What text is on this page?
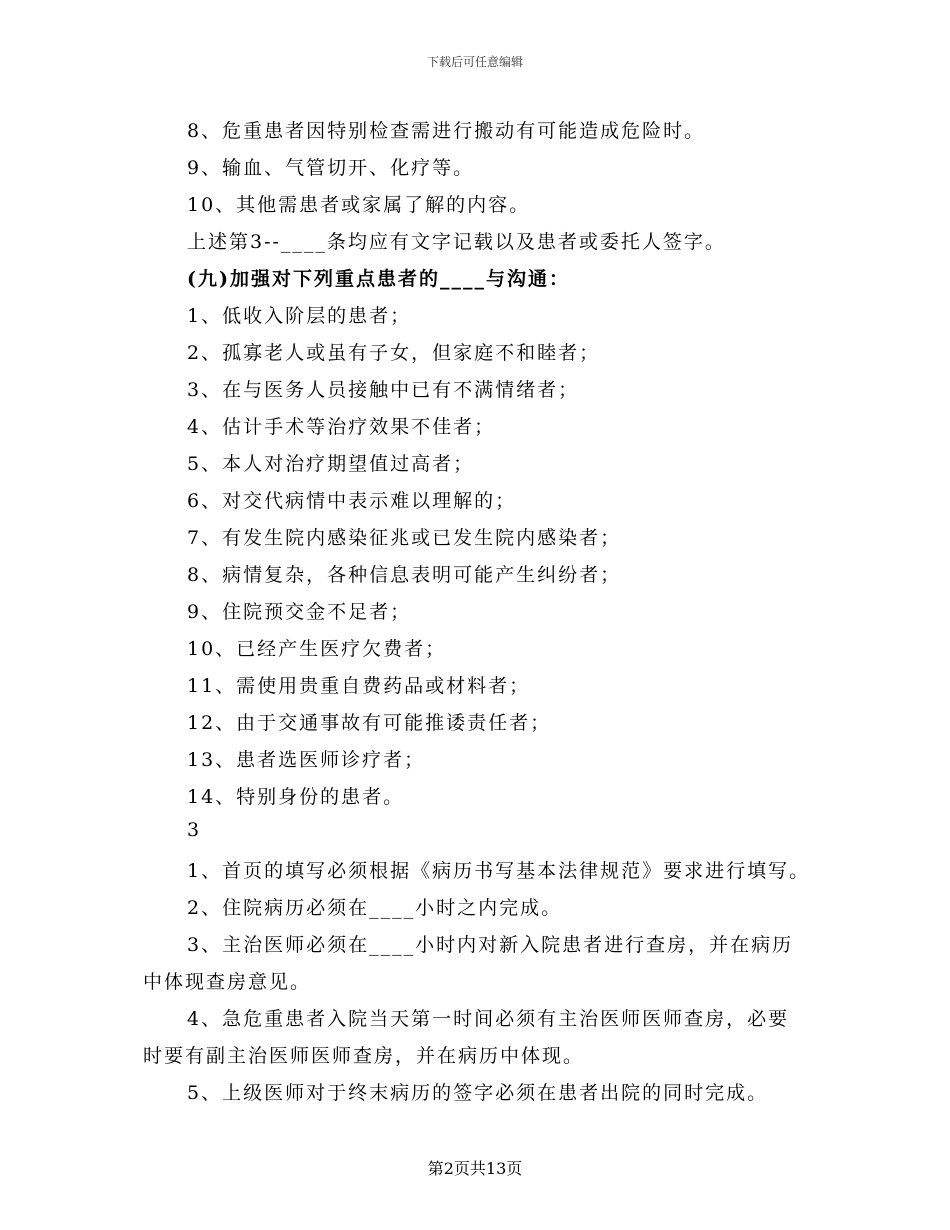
下载后可任意编辑
8、危重患者因特别检查需进行搬动有可能造成危险时。
9、输血、气管切开、化疗等。
10、其他需患者或家属了解的内容。
上述第3--____条均应有文字记载以及患者或委托人签字。
(九)加强对下列重点患者的____与沟通：
1、低收入阶层的患者；
2、孤寡老人或虽有子女，但家庭不和睦者；
3、在与医务人员接触中已有不满情绪者；
4、估计手术等治疗效果不佳者；
5、本人对治疗期望值过高者；
6、对交代病情中表示难以理解的；
7、有发生院内感染征兆或已发生院内感染者；
8、病情复杂，各种信息表明可能产生纠纷者；
9、住院预交金不足者；
10、已经产生医疗欠费者；
11、需使用贵重自费药品或材料者；
12、由于交通事故有可能推诿责任者；
13、患者选医师诊疗者；
14、特别身份的患者。
3
1、首页的填写必须根据《病历书写基本法律规范》要求进行填写。
2、住院病历必须在____小时之内完成。
3、主治医师必须在____小时内对新入院患者进行查房，并在病历
中体现查房意见。
4、急危重患者入院当天第一时间必须有主治医师医师查房，必要
时要有副主治医师医师查房，并在病历中体现。
5、上级医师对于终末病历的签字必须在患者出院的同时完成。
第2页共13页
